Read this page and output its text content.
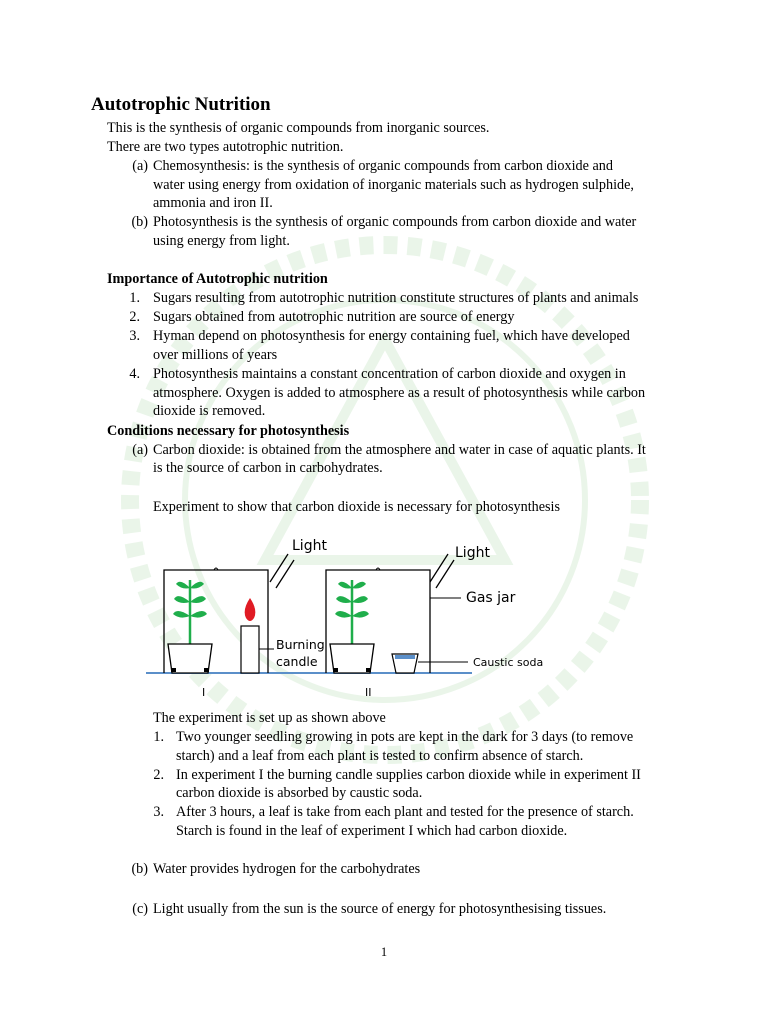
Autotrophic Nutrition
This is the synthesis of organic compounds from inorganic sources.
There are two types autotrophic nutrition.
(a) Chemosynthesis: is the synthesis of organic compounds from carbon dioxide and
water using energy from oxidation of inorganic materials such as hydrogen sulphide,
ammonia and iron II.
(b) Photosynthesis is the synthesis of organic compounds from carbon dioxide and water
using energy from light.
Importance of Autotrophic nutrition
1. Sugars resulting from autotrophic nutrition constitute structures of plants and animals
2. Sugars obtained from autotrophic nutrition are source of energy
3. Hyman depend on photosynthesis for energy containing fuel, which have developed
over millions of years
4. Photosynthesis maintains a constant concentration of carbon dioxide and oxygen in
atmosphere. Oxygen is added to atmosphere as a result of photosynthesis while carbon
dioxide is removed.
Conditions necessary for photosynthesis
(a) Carbon dioxide: is obtained from the atmosphere and water in case of aquatic plants. It
is the source of carbon in carbohydrates.
Experiment to show that carbon dioxide is necessary for photosynthesis
Burning
candle
Light
Caustic soda
Light
Gas jar
I	II
The experiment is set up as shown above
1. Two younger seedling growing in pots are kept in the dark for 3 days (to remove
starch) and a leaf from each plant is tested to confirm absence of starch.
2. In experiment I the burning candle supplies carbon dioxide while in experiment II
carbon dioxide is absorbed by caustic soda.
3. After 3 hours, a leaf is take from each plant and tested for the presence of starch.
Starch is found in the leaf of experiment I which had carbon dioxide.
(b) Water provides hydrogen for the carbohydrates
(c) Light usually from the sun is the source of energy for photosynthesising tissues.
1
